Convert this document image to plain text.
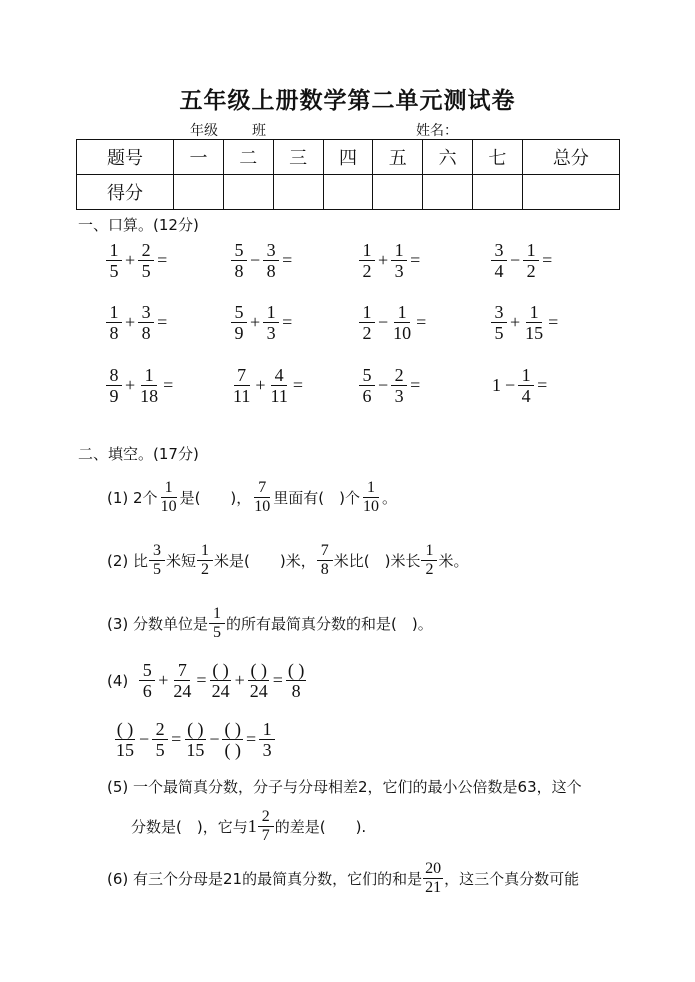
五年级上册数学第二单元测试卷
年级 班	姓名：
题号	一	二	三	四	五	六	七	总分
得分								
一、口算。(12分)
$\frac{1}{5} + \frac{2}{5}$ =	$\frac{5}{8} - \frac{3}{8}$ =	$\frac{1}{2} + \frac{1}{3}$ =	$\frac{3}{4} - \frac{1}{2}$ =
$\frac{1}{8} + \frac{3}{8}$ =	$\frac{5}{9} + \frac{1}{3}$ =	$\frac{1}{2} - \frac{1}{10}$ =	$\frac{3}{5} + \frac{1}{15}$ =
$\frac{8}{9} + \frac{1}{18}$ =	$\frac{7}{11} + \frac{4}{11}$ =	$\frac{5}{6} - \frac{2}{3}$ =	$1 - \frac{1}{4}$ =
二、填空。(17分)
(1) 2个 $\frac{1}{10}$ 是(　　)， $\frac{7}{10}$ 里面有(　)个 $\frac{1}{10}$ 。
(2) 比 $\frac{3}{5}$ 米短 $\frac{1}{2}$ 米是(　　)米， $\frac{7}{8}$ 米比(　)米长 $\frac{1}{2}$ 米。
(3) 分数单位是 $\frac{1}{5}$ 的所有最简真分数的和是(　)。
$(4) \frac{5}{6} + \frac{7}{24}$ = ( )
24
+ ( )
24
= ( )
8
( )
15
− $\frac{2}{5}$ = ( )
15
− ( )
( )
= $\frac{1}{3}$
(5) 一个最简真分数，分子与分母相差2，它们的最小公倍数是63，这个
分数是(　)，它与 $1 \frac{2}{7}$ 的差是(　　).
(6) 有三个分母是21的最简真分数，它们的和是 $\frac{20}{21}$ ，这三个真分数可能
